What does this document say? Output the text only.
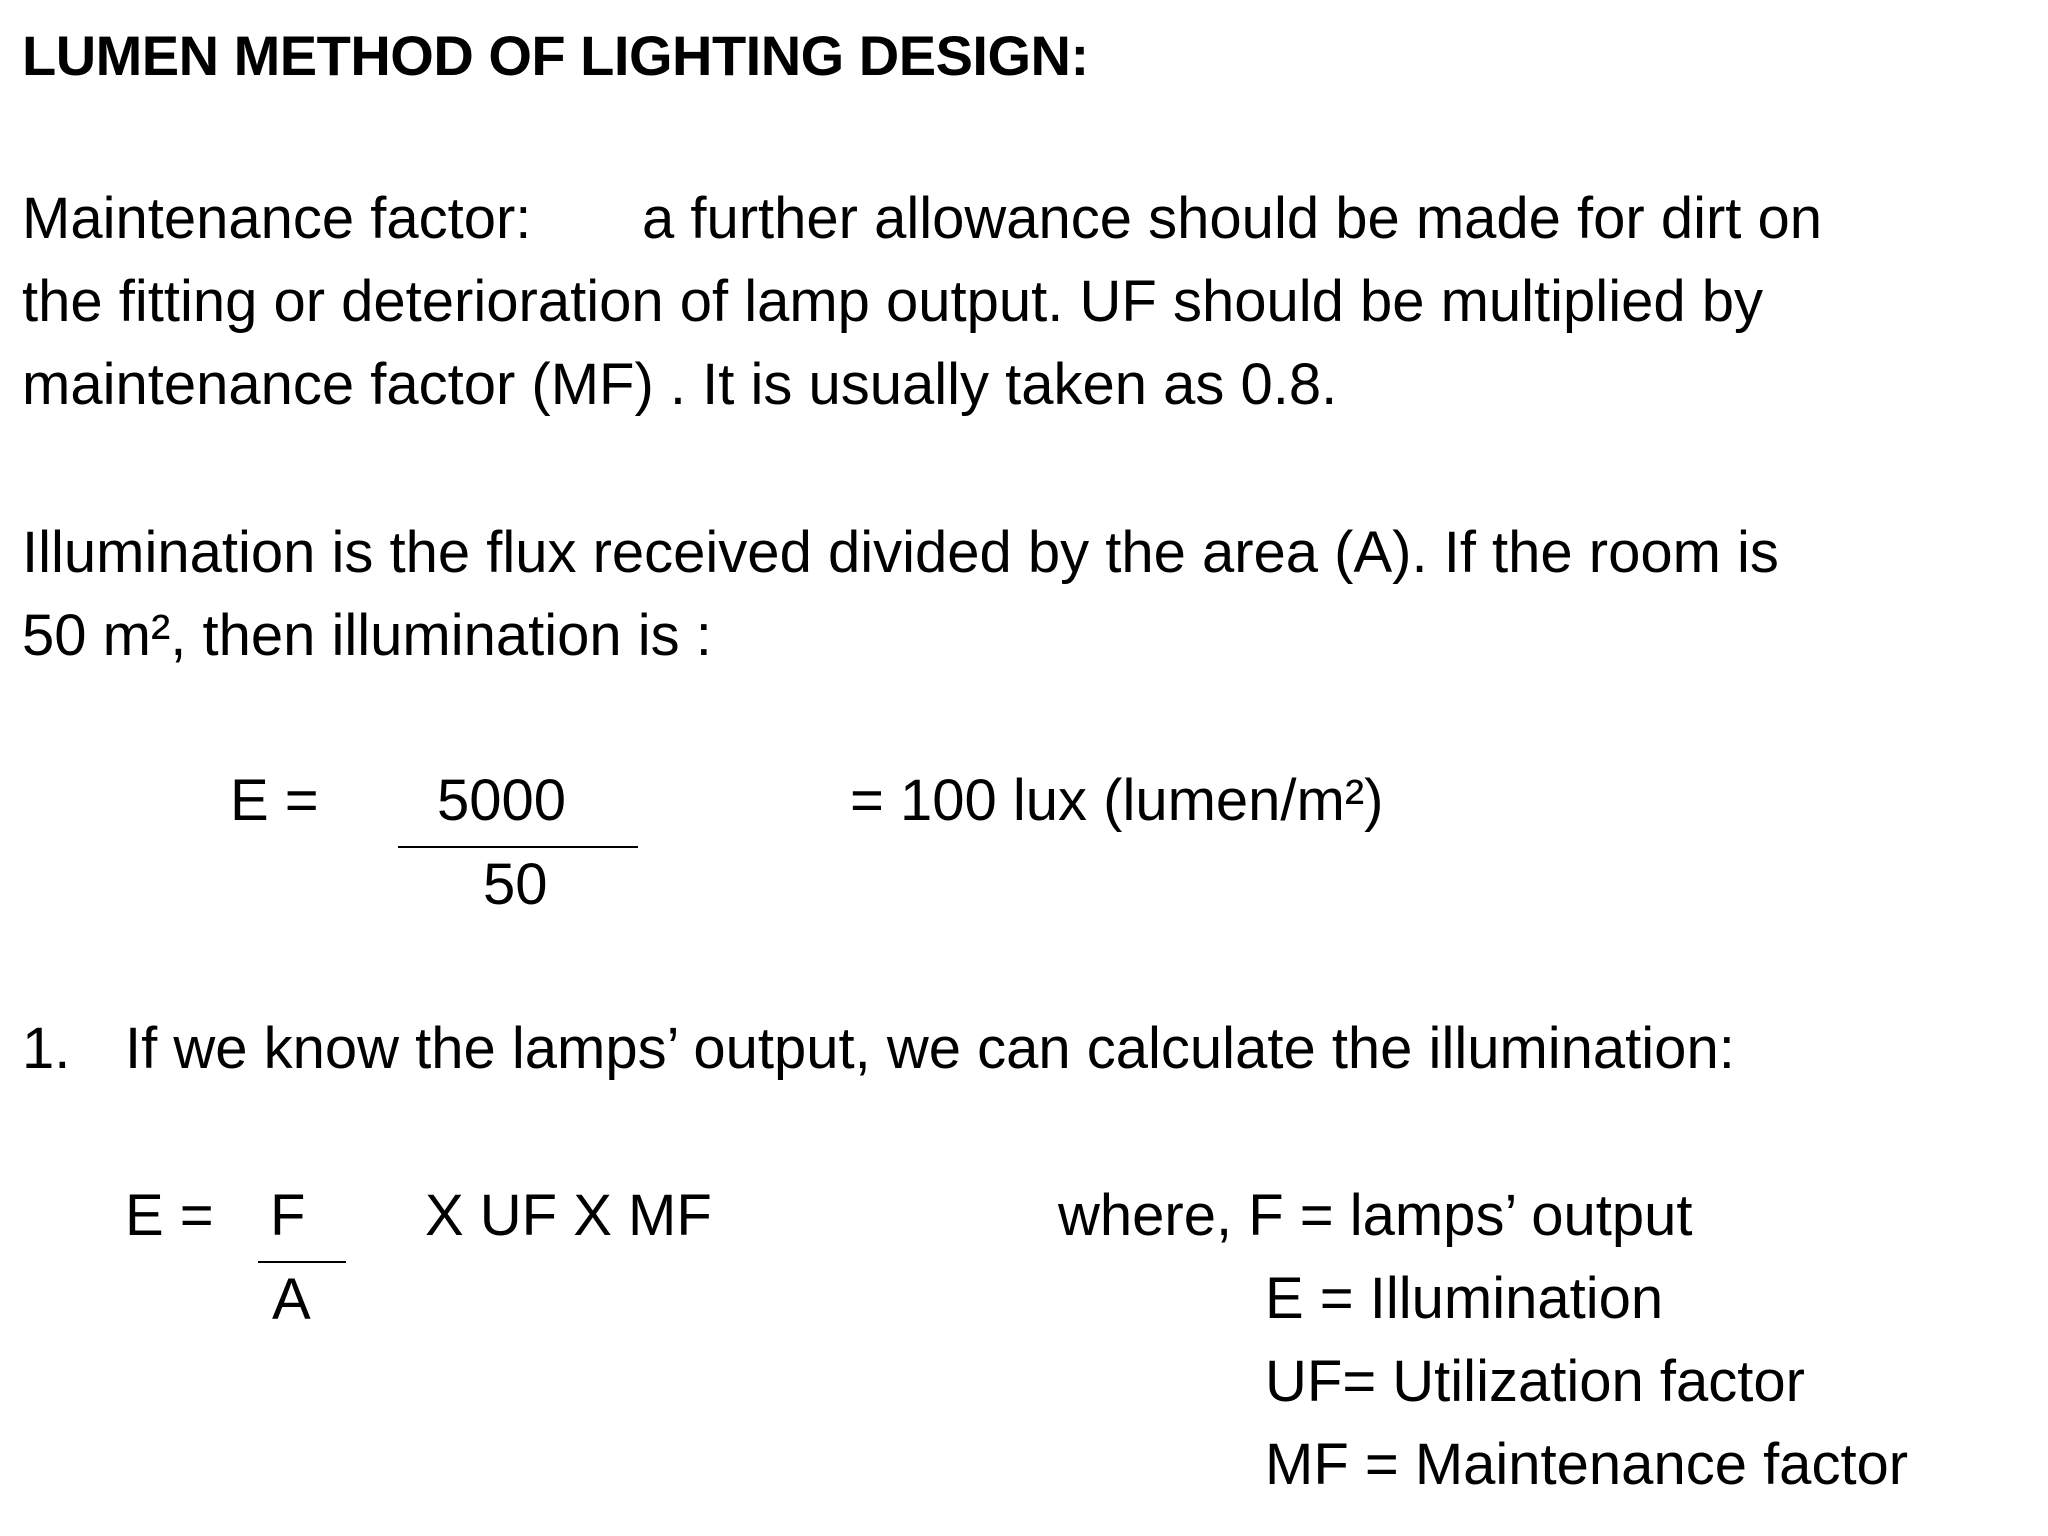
LUMEN METHOD OF LIGHTING DESIGN:
Maintenance factor: a further allowance should be made for dirt on
the fitting or deterioration of lamp output. UF should be multiplied by
maintenance factor (MF) . It is usually taken as 0.8.
Illumination is the flux received divided by the area (A). If the room is
50 m², then illumination is :
E = 5000
50
= 100 lux (lumen/m²)
1. If we know the lamps’ output, we can calculate the illumination:
E = F
A
X UF X MF	where, F = lamps’ output
E = Illumination
UF= Utilization factor
MF = Maintenance factor
